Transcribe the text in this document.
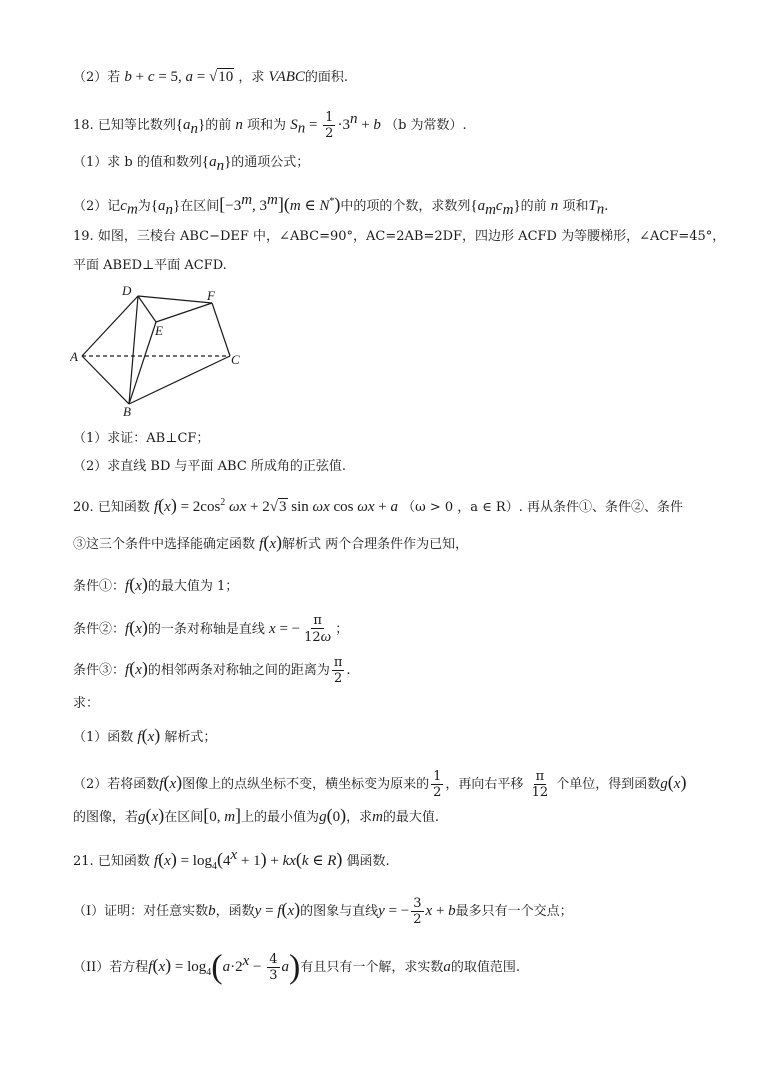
（2）若 b + c = 5, a = √10 ，求 VABC的面积.
18. 已知等比数列$\{a_n\}$的前 n 项和为 $S_n = \frac{1}{2} \cdot 3^n + b$ （b 为常数）.
（1）求 b 的值和数列$\{a_n\}$的通项公式；
（2）记$c_m$为$\{a_n\}$在区间[$-3^m$, 3$^m$](m ∈ N*)中的项的个数，求数列$\{a_mc_m\}$的前 n 项和$T_n$.
19. 如图，三棱台 ABC−DEF 中，∠ABC=90°，AC=2AB=2DF，四边形 ACFD 为等腰梯形，∠ACF=45°，
平面 ABED⊥平面 ACFD.
D	F
E
A	C
B
（1）求证：AB⊥CF；
（2）求直线 BD 与平面 ABC 所成角的正弦值.
20. 已知函数 $f(x) = 2\cos^2$ ωx + 2√3 sin ωx cos ωx + a （ω > 0 ，a ∈ R）. 再从条件①、条件②、条件
③这三个条件中选择能确定函数 f(x)解析式 两个合理条件作为已知，
条件①：f(x)的最大值为 1；
条件②：f(x)的一条对称轴是直线 x = − $\frac{\pi}{12\omega}$ ；
条件③：f(x)的相邻两条对称轴之间的距离为 $\frac{\pi}{2}$ .
求：
（1）函数 f(x) 解析式；
（2）若将函数f(x)图像上的点纵坐标不变，横坐标变为原来的 $\frac{1}{2}$ ，再向右平移 $\frac{\pi}{12}$ 个单位，得到函数g(x)
的图像，若g(x)在区间[0, m]上的最小值为g(0)，求m的最大值.
21. 已知函数 $f(x) = \log_4(4^x + 1) + kx(k$ ∈ R) 偶函数.
（I）证明：对任意实数b，函数y = f(x)的图象与直线y = − $\frac{3}{2}$ x + b最多只有一个交点；
（II）若方程$f(x) = \log_4(a\cdot 2^x - \frac{4}{3} a)$有且只有一个解，求实数a的取值范围.
